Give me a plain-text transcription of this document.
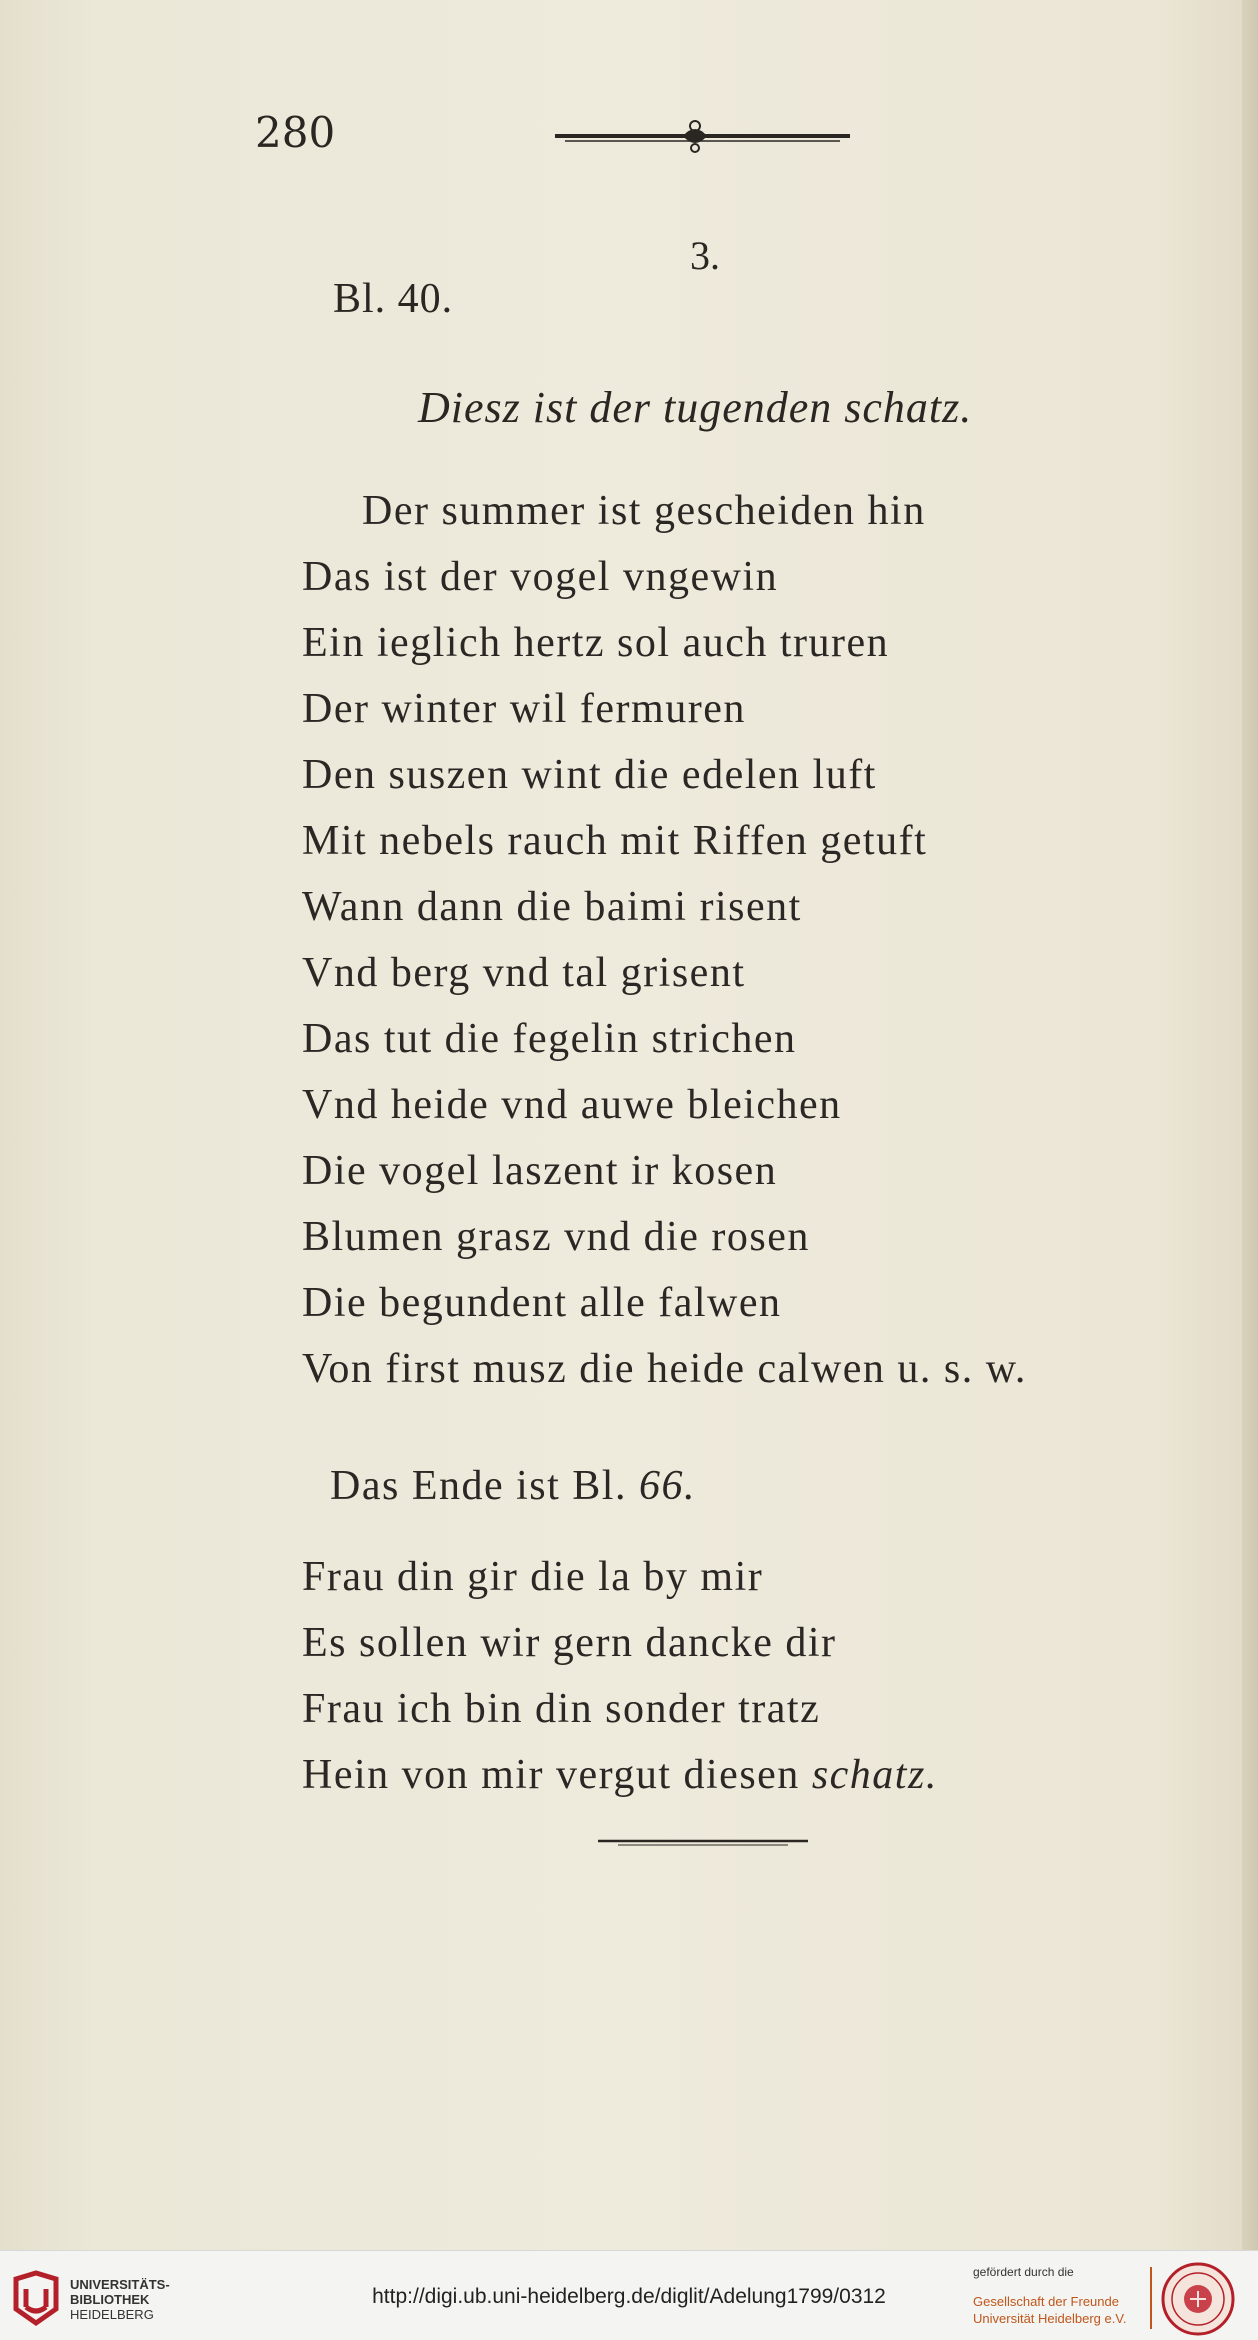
280
3.
Bl. 40.
Diesz ist der tugenden schatz.
Der summer ist gescheiden hin
Das ist der vogel vngewin
Ein ieglich hertz sol auch truren
Der winter wil fermuren
Den suszen wint die edelen luft
Mit nebels rauch mit Riffen getuft
Wann dann die baimi risent
Vnd berg vnd tal grisent
Das tut die fegelin strichen
Vnd heide vnd auwe bleichen
Die vogel laszent ir kosen
Blumen grasz vnd die rosen
Die begundent alle falwen
Von first musz die heide calwen u. s. w.
Das Ende ist Bl. 66.
Frau din gir die la by mir
Es sollen wir gern dancke dir
Frau ich bin din sonder tratz
Hein von mir vergut diesen schatz.
UNIVERSITÄTS-
BIBLIOTHEK
HEIDELBERG
http://digi.ub.uni-heidelberg.de/diglit/Adelung1799/0312
gefördert durch die
Gesellschaft der Freunde
Universität Heidelberg e.V.
